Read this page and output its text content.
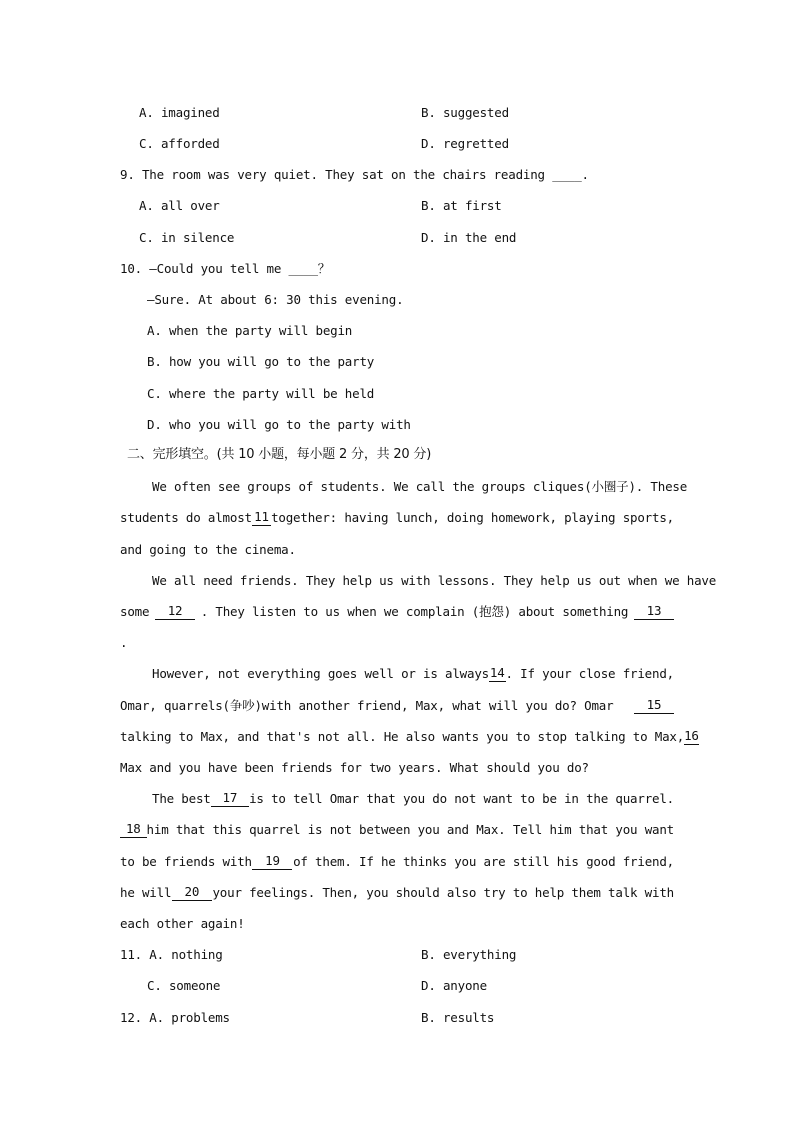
A. imagined	B. suggested
C. afforded	D. regretted
9. The room was very quiet. They sat on the chairs reading ____.
A. all over	B. at first
C. in silence	D. in the end
10. —Could you tell me ____？
—Sure. At about 6: 30 this evening.
A. when the party will begin
B. how you will go to the party
C. where the party will be held
D. who you will go to the party with
二、完形填空。(共 10 小题，每小题 2 分，共 20 分)
We often see groups of students. We call the groups cliques(小圈子). These
students do almost 11 together: having lunch, doing homework, playing sports,
and going to the cinema.
We all need friends. They help us with lessons. They help us out when we have
some	12	. They listen to us when we complain (抱怨) about something	13
.
However, not everything goes well or is always 14 . If your close friend,
Omar, quarrels(争吵)with another friend, Max, what will you do? Omar	15
talking to Max, and that's not all. He also wants you to stop talking to Max, 16
Max and you have been friends for two years. What should you do?
The best 17 is to tell Omar that you do not want to be in the quarrel.
18 him that this quarrel is not between you and Max. Tell him that you want
to be friends with	19	of them. If he thinks you are still his good friend,
he will	20	your feelings. Then, you should also try to help them talk with
each other again!
11. A. nothing	B. everything
C. someone	D. anyone
12. A. problems	B. results
